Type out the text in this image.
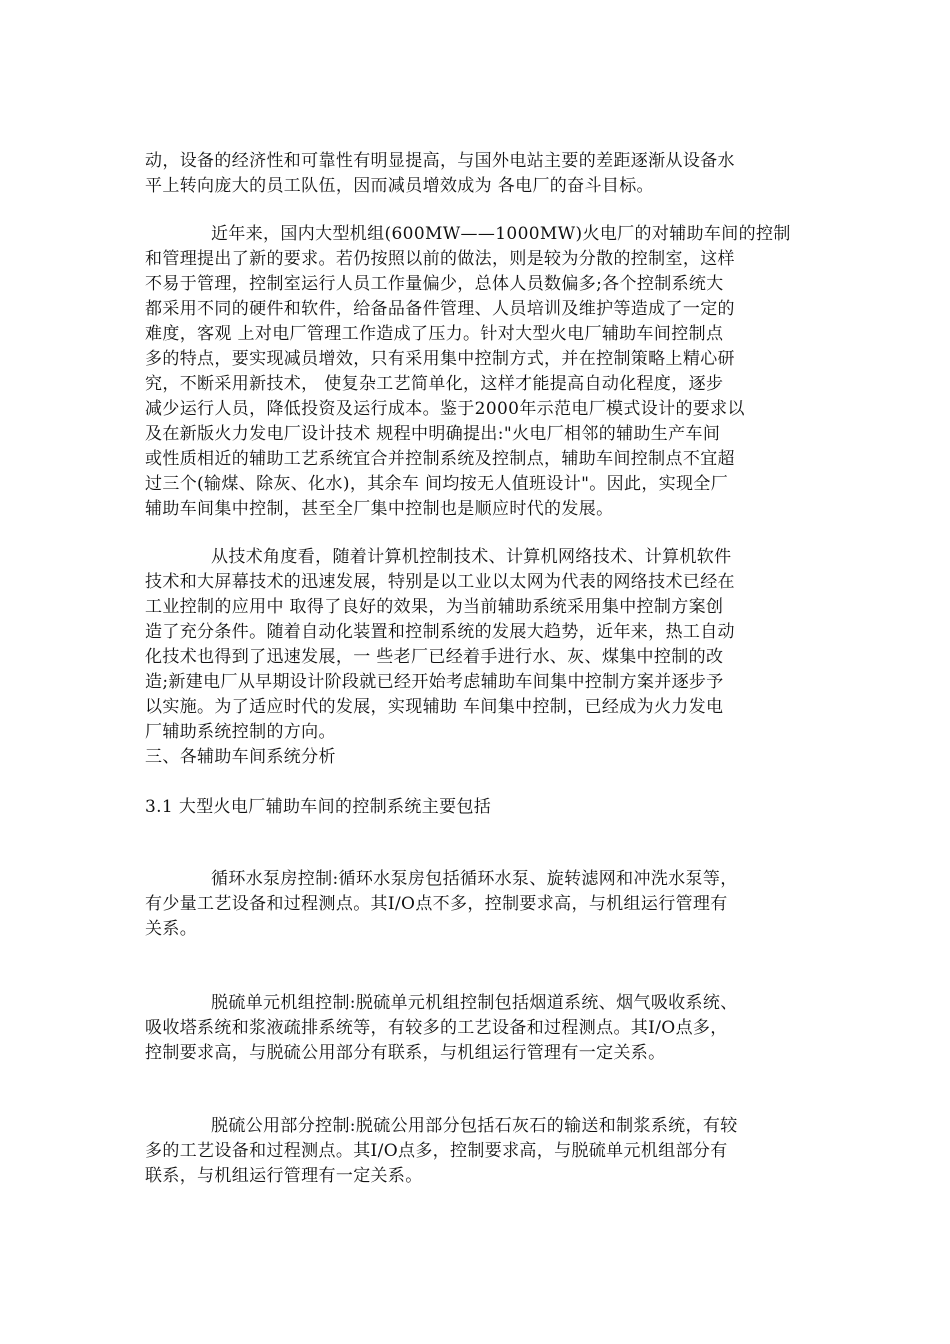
动，设备的经济性和可靠性有明显提高，与国外电站主要的差距逐渐从设备水
平上转向庞大的员工队伍，因而减员增效成为 各电厂的奋斗目标。
近年来，国内大型机组(600MW——1000MW)火电厂的对辅助车间的控制
和管理提出了新的要求。若仍按照以前的做法，则是较为分散的控制室，这样
不易于管理，控制室运行人员工作量偏少，总体人员数偏多;各个控制系统大
都采用不同的硬件和软件，给备品备件管理、人员培训及维护等造成了一定的
难度，客观 上对电厂管理工作造成了压力。针对大型火电厂辅助车间控制点
多的特点，要实现减员增效，只有采用集中控制方式，并在控制策略上精心研
究，不断采用新技术， 使复杂工艺简单化，这样才能提高自动化程度，逐步
减少运行人员，降低投资及运行成本。鉴于2000年示范电厂模式设计的要求以
及在新版火力发电厂设计技术 规程中明确提出:"火电厂相邻的辅助生产车间
或性质相近的辅助工艺系统宜合并控制系统及控制点，辅助车间控制点不宜超
过三个(输煤、除灰、化水)，其余车 间均按无人值班设计"。因此，实现全厂
辅助车间集中控制，甚至全厂集中控制也是顺应时代的发展。
从技术角度看，随着计算机控制技术、计算机网络技术、计算机软件
技术和大屏幕技术的迅速发展，特别是以工业以太网为代表的网络技术已经在
工业控制的应用中 取得了良好的效果，为当前辅助系统采用集中控制方案创
造了充分条件。随着自动化装置和控制系统的发展大趋势，近年来，热工自动
化技术也得到了迅速发展，一 些老厂已经着手进行水、灰、煤集中控制的改
造;新建电厂从早期设计阶段就已经开始考虑辅助车间集中控制方案并逐步予
以实施。为了适应时代的发展，实现辅助 车间集中控制，已经成为火力发电
厂辅助系统控制的方向。
三、各辅助车间系统分析
3.1 大型火电厂辅助车间的控制系统主要包括
循环水泵房控制:循环水泵房包括循环水泵、旋转滤网和冲洗水泵等，
有少量工艺设备和过程测点。其I/O点不多，控制要求高，与机组运行管理有
关系。
脱硫单元机组控制:脱硫单元机组控制包括烟道系统、烟气吸收系统、
吸收塔系统和浆液疏排系统等，有较多的工艺设备和过程测点。其I/O点多，
控制要求高，与脱硫公用部分有联系，与机组运行管理有一定关系。
脱硫公用部分控制:脱硫公用部分包括石灰石的输送和制浆系统，有较
多的工艺设备和过程测点。其I/O点多，控制要求高，与脱硫单元机组部分有
联系，与机组运行管理有一定关系。
